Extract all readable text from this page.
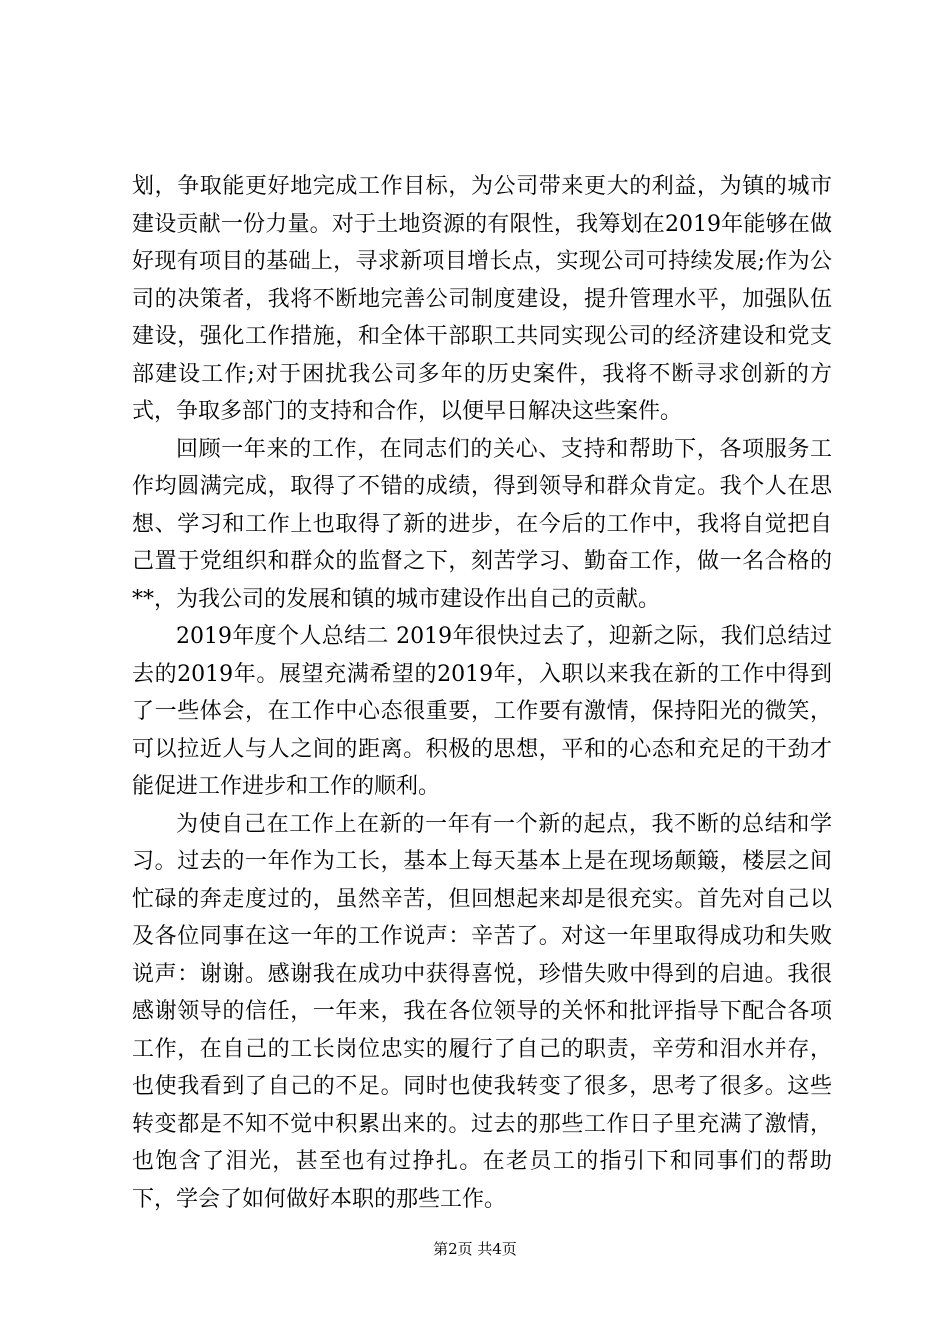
划，争取能更好地完成工作目标，为公司带来更大的利益，为镇的城市建设贡献一份力量。对于土地资源的有限性，我筹划在2019年能够在做好现有项目的基础上，寻求新项目增长点，实现公司可持续发展;作为公司的决策者，我将不断地完善公司制度建设，提升管理水平，加强队伍建设，强化工作措施，和全体干部职工共同实现公司的经济建设和党支部建设工作;对于困扰我公司多年的历史案件，我将不断寻求创新的方式，争取多部门的支持和合作，以便早日解决这些案件。

回顾一年来的工作，在同志们的关心、支持和帮助下，各项服务工作均圆满完成，取得了不错的成绩，得到领导和群众肯定。我个人在思想、学习和工作上也取得了新的进步，在今后的工作中，我将自觉把自己置于党组织和群众的监督之下，刻苦学习、勤奋工作，做一名合格的**，为我公司的发展和镇的城市建设作出自己的贡献。

2019年度个人总结二 2019年很快过去了，迎新之际，我们总结过去的2019年。展望充满希望的2019年，入职以来我在新的工作中得到了一些体会，在工作中心态很重要，工作要有激情，保持阳光的微笑，可以拉近人与人之间的距离。积极的思想，平和的心态和充足的干劲才能促进工作进步和工作的顺利。

为使自己在工作上在新的一年有一个新的起点，我不断的总结和学习。过去的一年作为工长，基本上每天基本上是在现场颠簸，楼层之间忙碌的奔走度过的，虽然辛苦，但回想起来却是很充实。首先对自己以及各位同事在这一年的工作说声：辛苦了。对这一年里取得成功和失败说声：谢谢。感谢我在成功中获得喜悦，珍惜失败中得到的启迪。我很感谢领导的信任，一年来，我在各位领导的关怀和批评指导下配合各项工作，在自己的工长岗位忠实的履行了自己的职责，辛劳和泪水并存，也使我看到了自己的不足。同时也使我转变了很多，思考了很多。这些转变都是不知不觉中积累出来的。过去的那些工作日子里充满了激情，也饱含了泪光，甚至也有过挣扎。在老员工的指引下和同事们的帮助下，学会了如何做好本职的那些工作。

第2页 共4页
